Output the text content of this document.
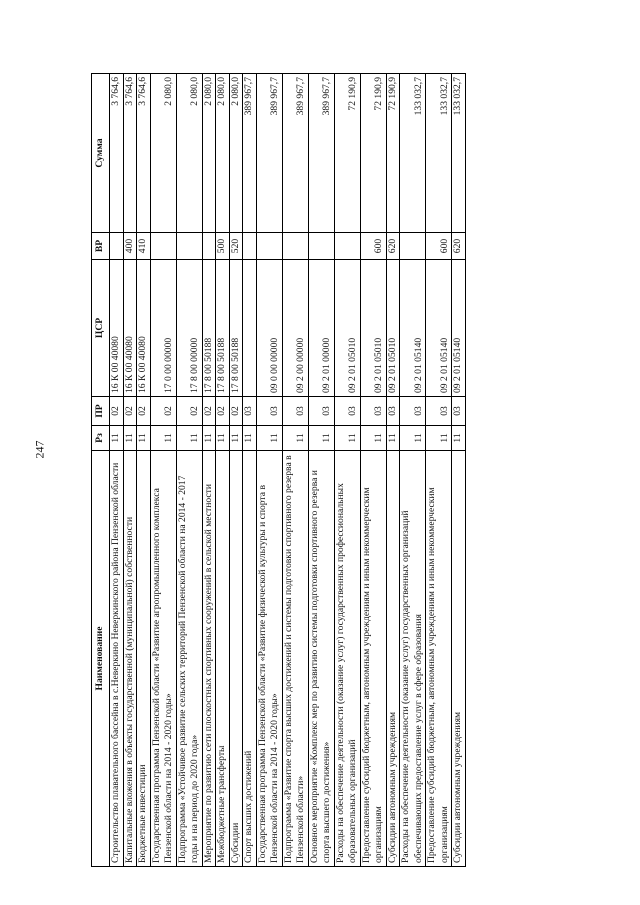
247
Наименование	Рз	ПР	ЦСР	ВР	Сумма
Строительство плавательного бассейна в с.Неверкино Неверкинского района Пензенской области	11	02	16 К 00 40080		3 764,6
Капитальные вложения в объекты государственной (муниципальной) собственности	11	02	16 К 00 40080	400	3 764,6
Бюджетные инвестиции	11	02	16 К 00 40080	410	3 764,6
Государственная программа Пензенской области «Развитие агропромышленного комплекса Пензенской области на 2014 - 2020 годы»	11	02	17 0 00 00000		2 080,0
Подпрограмма «Устойчивое развитие сельских территорий Пензенской области на 2014 - 2017 годы и на период до 2020 года»	11	02	17 8 00 00000		2 080,0
Мероприятие по развитию сети плоскостных спортивных сооружений в сельской местности	11	02	17 8 00 50188		2 080,0
Межбюджетные трансферты	11	02	17 8 00 50188	500	2 080,0
Субсидии	11	02	17 8 00 50188	520	2 080,0
Спорт высших достижений	11	03			389 967,7
Государственная программа Пензенской области «Развитие физической культуры и спорта в Пензенской области на 2014 - 2020 годы»	11	03	09 0 00 00000		389 967,7
Подпрограмма «Развитие спорта высших достижений и системы подготовки спортивного резерва в Пензенской области»	11	03	09 2 00 00000		389 967,7
Основное мероприятие «Комплекс мер по развитию системы подготовки спортивного резерва и спорта высшего достижения»	11	03	09 2 01 00000		389 967,7
Расходы на обеспечение деятельности (оказание услуг) государственных профессиональных образовательных организаций	11	03	09 2 01 05010		72 190,9
Предоставление субсидий бюджетным, автономным учреждениям и иным некоммерческим организациям	11	03	09 2 01 05010	600	72 190,9
Субсидии автономным учреждениям	11	03	09 2 01 05010	620	72 190,9
Расходы на обеспечение деятельности (оказание услуг) государственных организаций обеспечивающих предоставление услуг в сфере образования	11	03	09 2 01 05140		133 032,7
Предоставление субсидий бюджетным, автономным учреждениям и иным некоммерческим организациям	11	03	09 2 01 05140	600	133 032,7
Субсидии автономным учреждениям	11	03	09 2 01 05140	620	133 032,7
